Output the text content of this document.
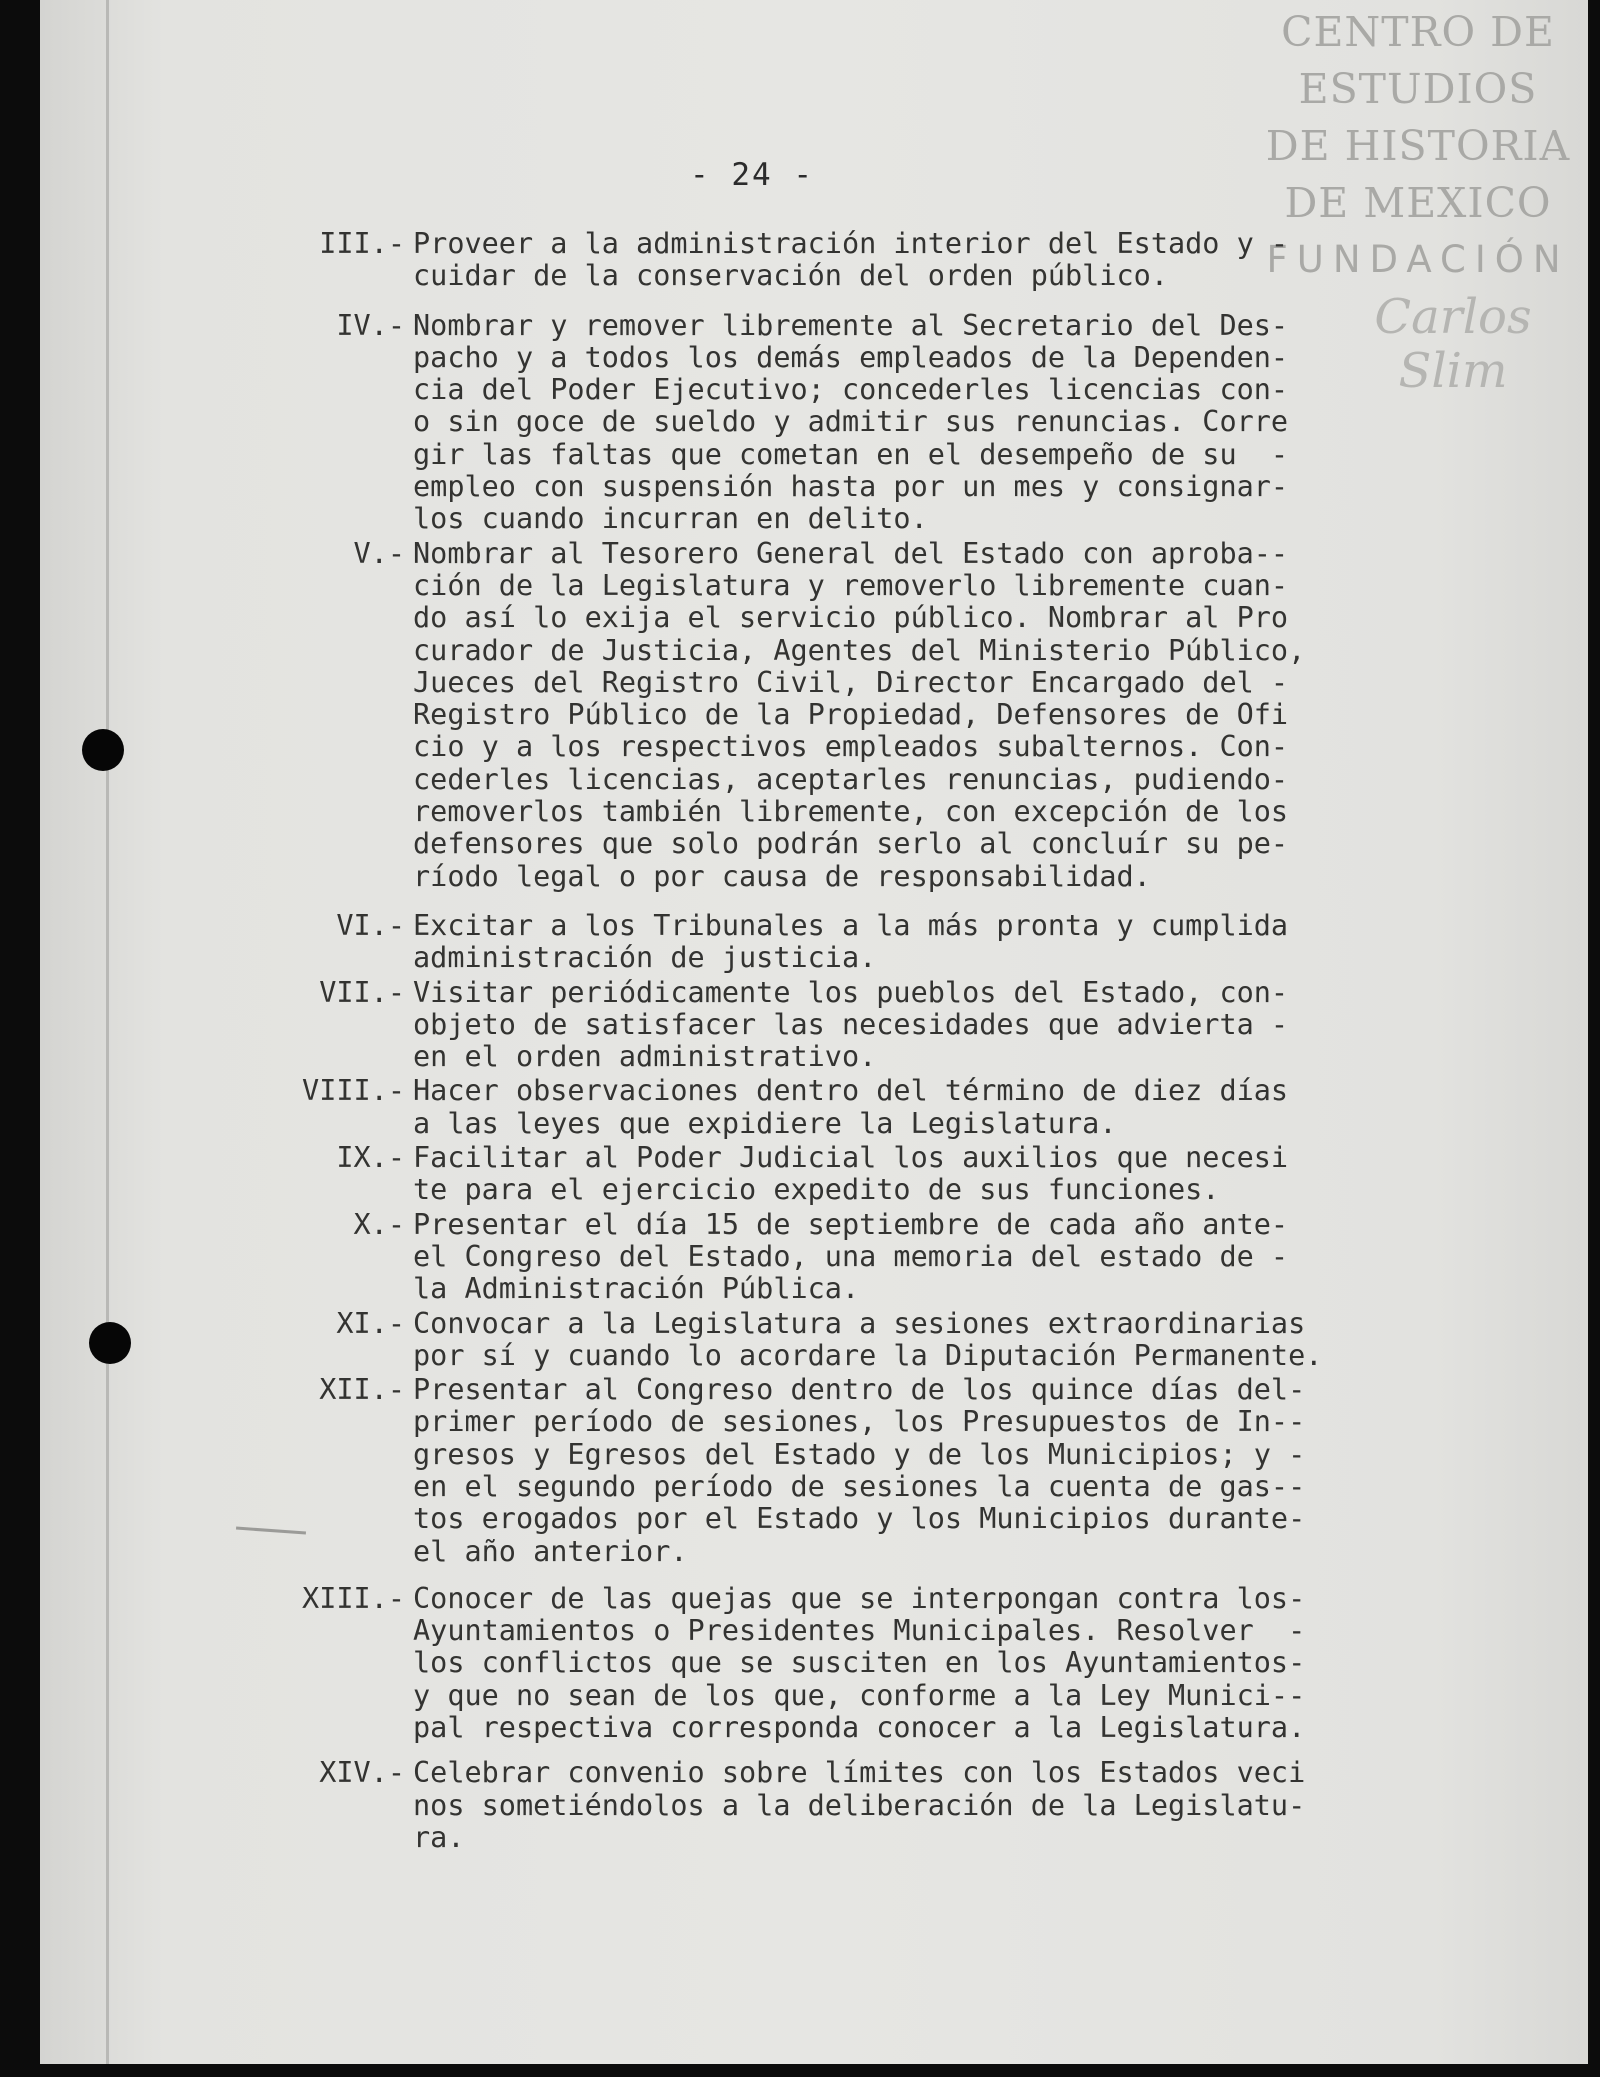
CENTRO DE
ESTUDIOS
DE HISTORIA
DE MEXICO
FUNDACIÓN
Carlos Slim
- 24 -
III.- Proveer a la administración interior del Estado y -
cuidar de la conservación del orden público.
IV.- Nombrar y remover libremente al Secretario del Des-
pacho y a todos los demás empleados de la Dependen-
cia del Poder Ejecutivo; concederles licencias con-
o sin goce de sueldo y admitir sus renuncias. Corre
gir las faltas que cometan en el desempeño de su  -
empleo con suspensión hasta por un mes y consignar-
los cuando incurran en delito.
V.- Nombrar al Tesorero General del Estado con aproba--
ción de la Legislatura y removerlo libremente cuan-
do así lo exija el servicio público. Nombrar al Pro
curador de Justicia, Agentes del Ministerio Público,
Jueces del Registro Civil, Director Encargado del -
Registro Público de la Propiedad, Defensores de Ofi
cio y a los respectivos empleados subalternos. Con-
cederles licencias, aceptarles renuncias, pudiendo-
removerlos también libremente, con excepción de los
defensores que solo podrán serlo al concluír su pe-
ríodo legal o por causa de responsabilidad.
VI.- Excitar a los Tribunales a la más pronta y cumplida
administración de justicia.
VII.- Visitar periódicamente los pueblos del Estado, con-
objeto de satisfacer las necesidades que advierta -
en el orden administrativo.
VIII.- Hacer observaciones dentro del término de diez días
a las leyes que expidiere la Legislatura.
IX.- Facilitar al Poder Judicial los auxilios que necesi
te para el ejercicio expedito de sus funciones.
X.- Presentar el día 15 de septiembre de cada año ante-
el Congreso del Estado, una memoria del estado de -
la Administración Pública.
XI.- Convocar a la Legislatura a sesiones extraordinarias
por sí y cuando lo acordare la Diputación Permanente.
XII.- Presentar al Congreso dentro de los quince días del-
primer período de sesiones, los Presupuestos de In--
gresos y Egresos del Estado y de los Municipios; y -
en el segundo período de sesiones la cuenta de gas--
tos erogados por el Estado y los Municipios durante-
el año anterior.
XIII.- Conocer de las quejas que se interpongan contra los-
Ayuntamientos o Presidentes Municipales. Resolver  -
los conflictos que se susciten en los Ayuntamientos-
y que no sean de los que, conforme a la Ley Munici--
pal respectiva corresponda conocer a la Legislatura.
XIV.- Celebrar convenio sobre límites con los Estados veci
nos sometiéndolos a la deliberación de la Legislatu-
ra.
